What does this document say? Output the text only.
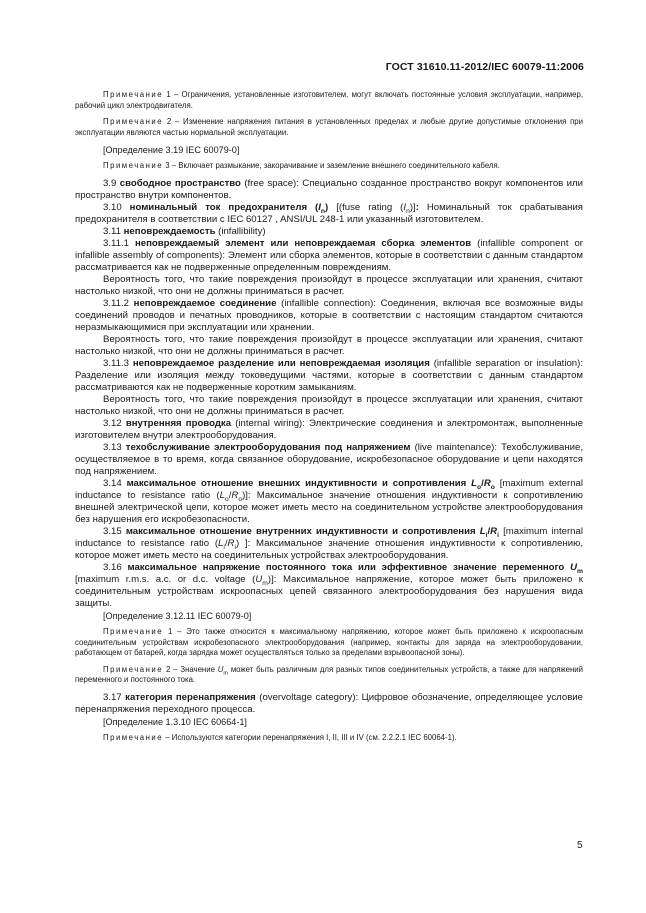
ГОСТ 31610.11-2012/IEC 60079-11:2006

Примечание 1 – Ограничения, установленные изготовителем, могут включать постоянные условия эксплуатации, например, рабочий цикл электродвигателя.

Примечание 2 – Изменение напряжения питания в установленных пределах и любые другие допустимые отклонения при эксплуатации являются частью нормальной эксплуатации.

[Определение 3.19 IEC 60079-0]

Примечание 3 – Включает размыкание, закорачивание и заземление внешнего соединительного кабеля.

3.9 свободное пространство (free space): Специально созданное пространство вокруг компонентов или пространство внутри компонентов.

3.10 номинальный ток предохранителя $(I_n)$ [(fuse rating $(I_n)$]: Номинальный ток срабатывания предохранителя в соответствии с IEC 60127 , ANSI/UL 248-1 или указанный изготовителем.

3.11 неповреждаемость (infallibility)

3.11.1 неповреждаемый элемент или неповреждаемая сборка элементов (infallible component or infallible assembly of components): Элемент или сборка элементов, которые в соответствии с данным стандартом рассматривается как не подверженные определенным повреждениям.

Вероятность того, что такие повреждения произойдут в процессе эксплуатации или хранения, считают настолько низкой, что они не должны приниматься в расчет.

3.11.2 неповреждаемое соединение (infallible connection): Соединения, включая все возможные виды соединений проводов и печатных проводников, которые в соответствии с настоящим стандартом считаются неразмыкающимися при эксплуатации или хранении.

Вероятность того, что такие повреждения произойдут в процессе эксплуатации или хранения, считают настолько низкой, что они не должны приниматься в расчет.

3.11.3 неповреждаемое разделение или неповреждаемая изоляция (infallible separation or insulation): Разделение или изоляция между токоведущими частями, которые в соответствии с данным стандартом рассматриваются как не подверженные коротким замыканиям.

Вероятность того, что такие повреждения произойдут в процессе эксплуатации или хранения, считают настолько низкой, что они не должны приниматься в расчет.

3.12 внутренняя проводка (internal wiring): Электрические соединения и электромонтаж, выполненные изготовителем внутри электрооборудования.

3.13 техобслуживание электрооборудования под напряжением (live maintenance): Техобслуживание, осуществляемое в то время, когда связанное оборудование, искробезопасное оборудование и цепи находятся под напряжением.

3.14 максимальное отношение внешних индуктивности и сопротивления $L_o/R_o$ [maximum external inductance to resistance ratio $(L_o/R_o)$]: Максимальное значение отношения индуктивности к сопротивлению внешней электрической цепи, которое может иметь место на соединительном устройстве электрооборудования без нарушения его искробезопасности.

3.15 максимальное отношение внутренних индуктивности и сопротивления $L_i/R_i$ [maximum internal inductance to resistance ratio $(L_i/R_i)$ ]: Максимальное значение отношения индуктивности к сопротивлению, которое может иметь место на соединительных устройствах электрооборудования.

3.16 максимальное напряжение постоянного тока или эффективное значение переменного $U_m$ [maximum r.m.s. a.c. or d.c. voltage $(U_m)$]: Максимальное напряжение, которое может быть приложено к соединительным устройствам искроопасных цепей связанного электрооборудования без нарушения вида защиты.

[Определение 3.12.11 IEC 60079-0]

Примечание 1 – Это также относится к максимальному напряжению, которое может быть приложено к искроопасным соединительным устройствам искробезопасного электрооборудования (например, контакты для заряда на электрооборудовании, работающем от батарей, когда зарядка может осуществляться только за пределами взрывоопасной зоны).

Примечание 2 – Значение $U_m$ может быть различным для разных типов соединительных устройств, а также для напряжений переменного и постоянного тока.

3.17 категория перенапряжения (overvoltage category): Цифровое обозначение, определяющее условие перенапряжения переходного процесса.

[Определение 1.3.10 IEC 60664-1]

Примечание – Используются категории перенапряжения I, II, III и IV (см. 2.2.2.1 IEC 60064-1).

5
